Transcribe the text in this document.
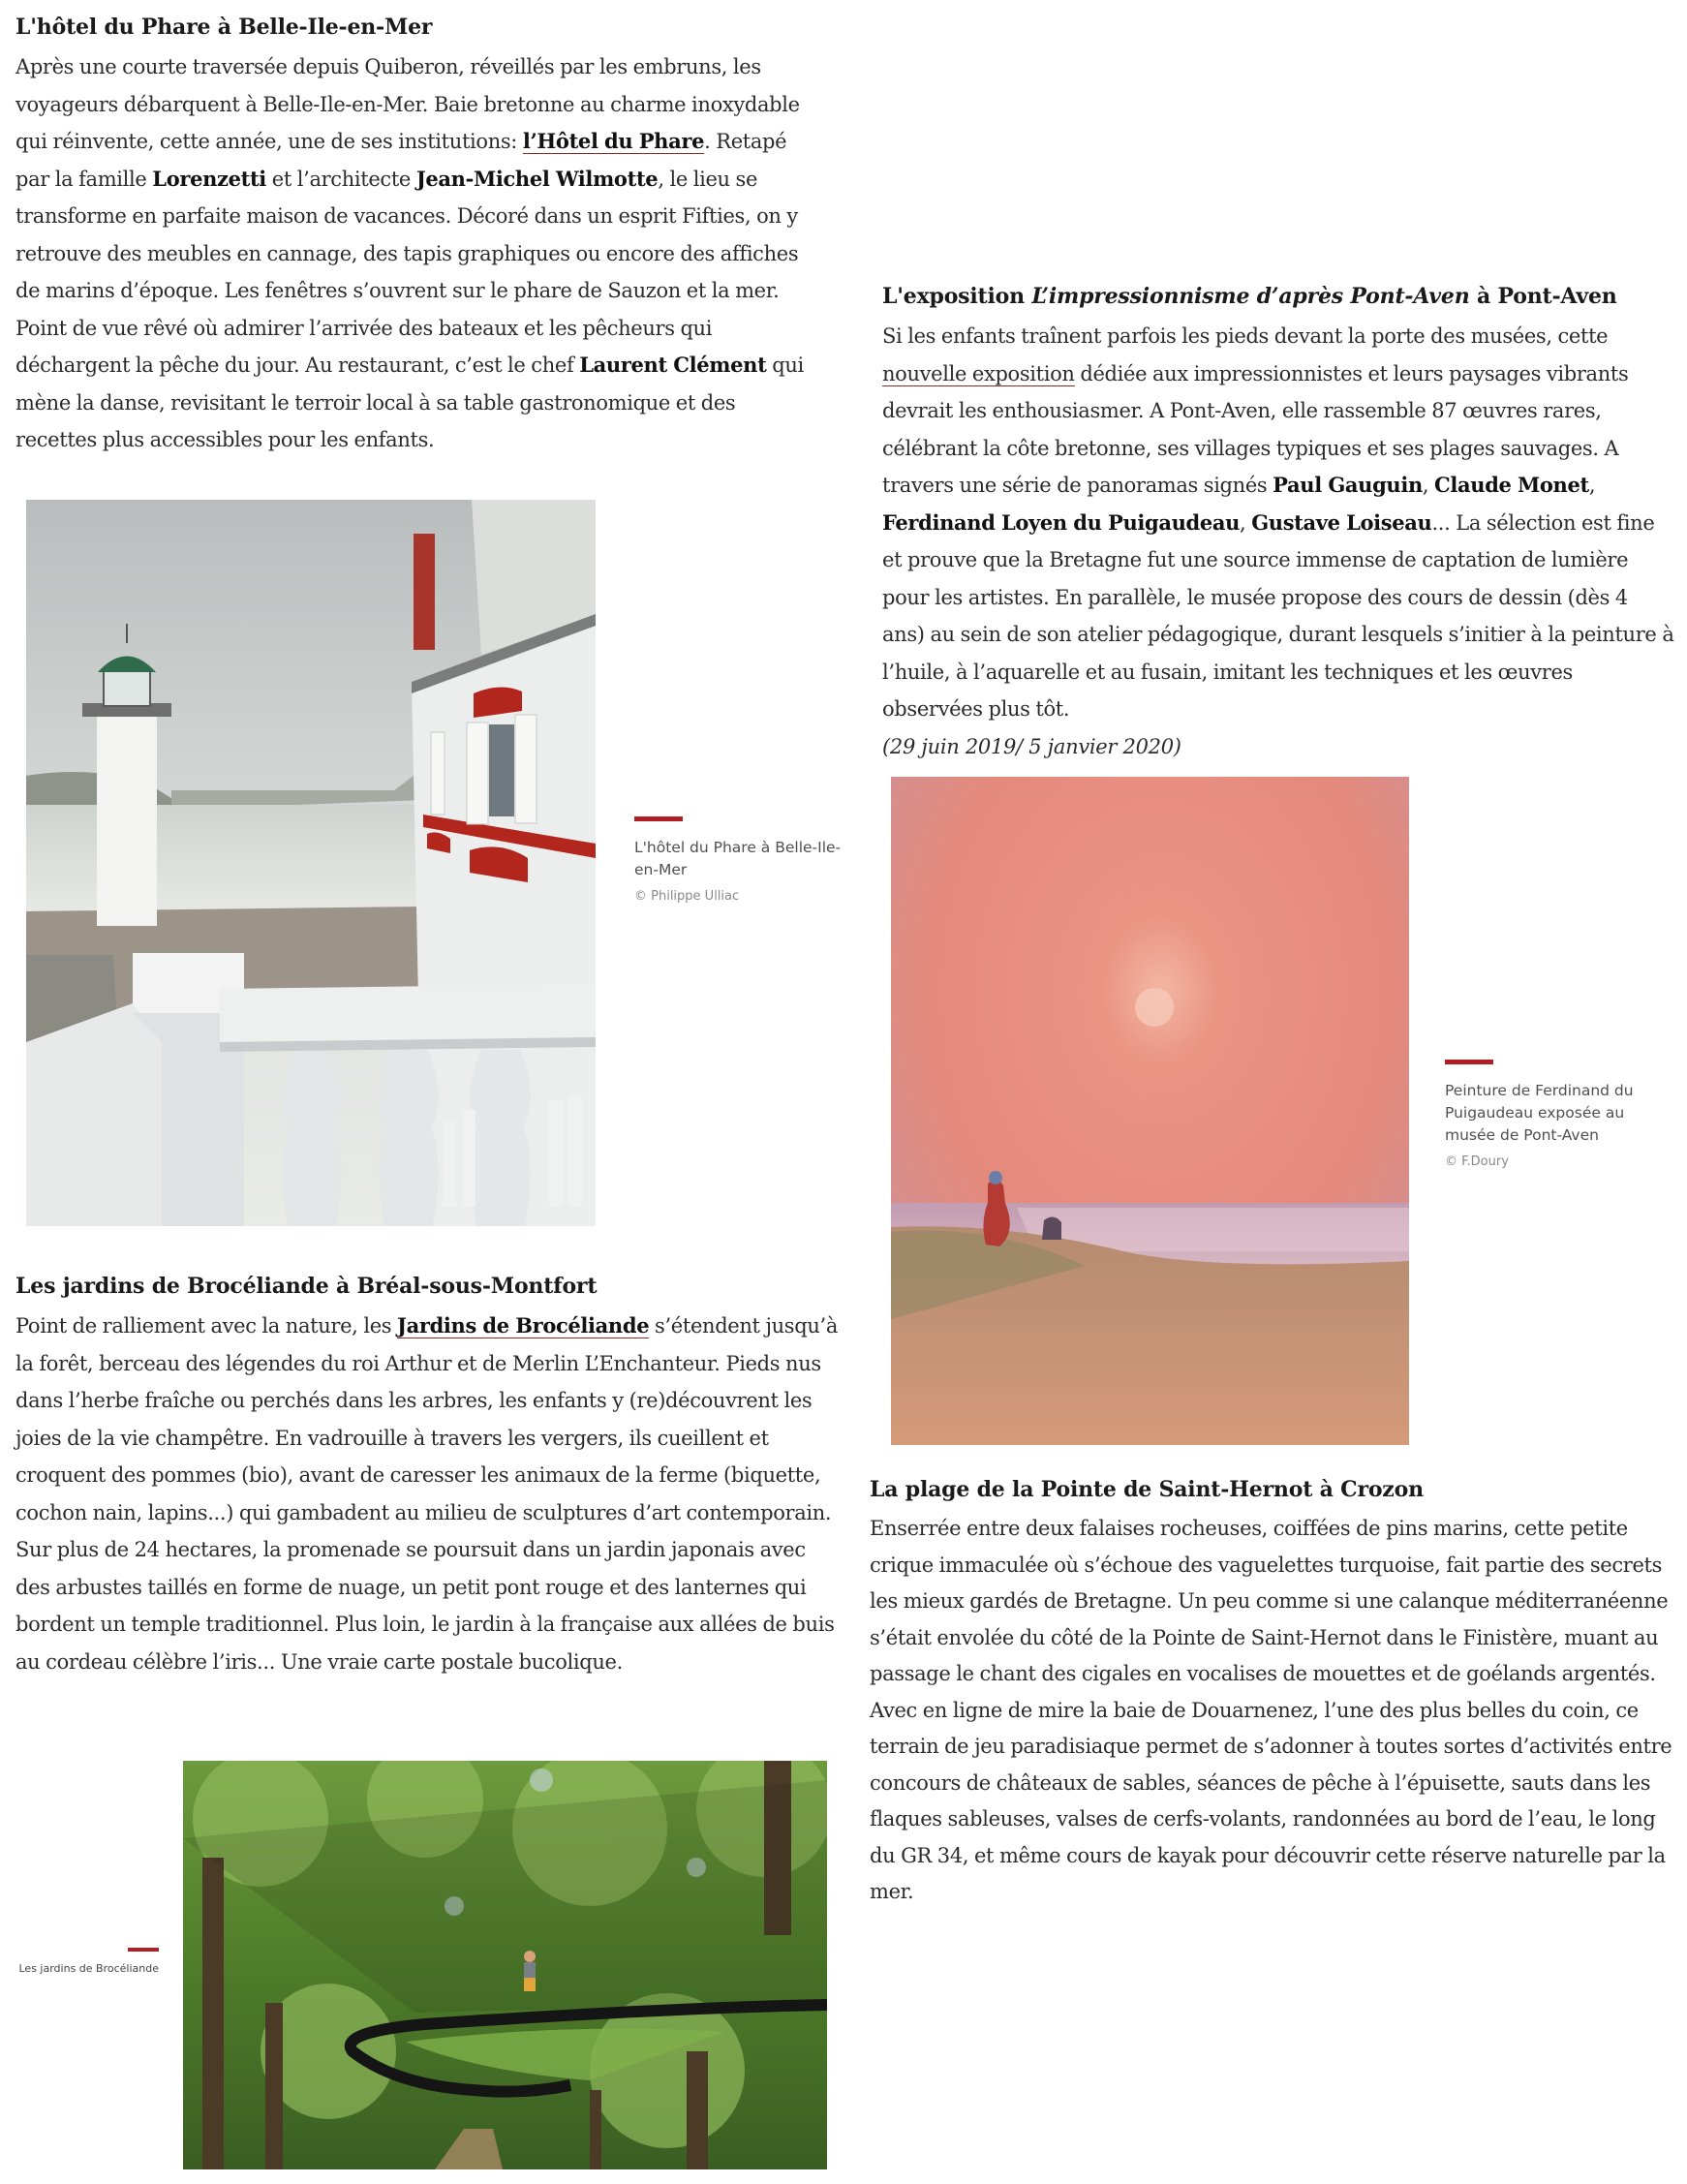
L'hôtel du Phare à Belle-Ile-en-Mer

Après une courte traversée depuis Quiberon, réveillés par les embruns, les voyageurs débarquent à Belle-Ile-en-Mer. Baie bretonne au charme inoxydable qui réinvente, cette année, une de ses institutions: l’Hôtel du Phare. Retapé par la famille Lorenzetti et l’architecte Jean-Michel Wilmotte, le lieu se transforme en parfaite maison de vacances. Décoré dans un esprit Fifties, on y retrouve des meubles en cannage, des tapis graphiques ou encore des affiches de marins d’époque. Les fenêtres s’ouvrent sur le phare de Sauzon et la mer. Point de vue rêvé où admirer l’arrivée des bateaux et les pêcheurs qui déchargent la pêche du jour. Au restaurant, c’est le chef Laurent Clément qui mène la danse, revisitant le terroir local à sa table gastronomique et des recettes plus accessibles pour les enfants.

L'hôtel du Phare à Belle-Ile-en-Mer
© Philippe Ulliac
L'exposition L’impressionnisme d’après Pont-Aven à Pont-Aven

Si les enfants traînent parfois les pieds devant la porte des musées, cette nouvelle exposition dédiée aux impressionnistes et leurs paysages vibrants devrait les enthousiasmer. A Pont-Aven, elle rassemble 87 œuvres rares, célébrant la côte bretonne, ses villages typiques et ses plages sauvages. A travers une série de panoramas signés Paul Gauguin, Claude Monet, Ferdinand Loyen du Puigaudeau, Gustave Loiseau... La sélection est fine et prouve que la Bretagne fut une source immense de captation de lumière pour les artistes. En parallèle, le musée propose des cours de dessin (dès 4 ans) au sein de son atelier pédagogique, durant lesquels s’initier à la peinture à l’huile, à l’aquarelle et au fusain, imitant les techniques et les œuvres observées plus tôt.

(29 juin 2019/ 5 janvier 2020)
Peinture de Ferdinand du Puigaudeau exposée au musée de Pont-Aven
© F.Doury
Les jardins de Brocéliande à Bréal-sous-Montfort

Point de ralliement avec la nature, les Jardins de Brocéliande s’étendent jusqu’à la forêt, berceau des légendes du roi Arthur et de Merlin L’Enchanteur. Pieds nus dans l’herbe fraîche ou perchés dans les arbres, les enfants y (re)découvrent les joies de la vie champêtre. En vadrouille à travers les vergers, ils cueillent et croquent des pommes (bio), avant de caresser les animaux de la ferme (biquette, cochon nain, lapins...) qui gambadent au milieu de sculptures d’art contemporain. Sur plus de 24 hectares, la promenade se poursuit dans un jardin japonais avec des arbustes taillés en forme de nuage, un petit pont rouge et des lanternes qui bordent un temple traditionnel. Plus loin, le jardin à la française aux allées de buis au cordeau célèbre l’iris... Une vraie carte postale bucolique.

Les jardins de Brocéliande
La plage de la Pointe de Saint-Hernot à Crozon

Enserrée entre deux falaises rocheuses, coiffées de pins marins, cette petite crique immaculée où s’échoue des vaguelettes turquoise, fait partie des secrets les mieux gardés de Bretagne. Un peu comme si une calanque méditerranéenne s’était envolée du côté de la Pointe de Saint-Hernot dans le Finistère, muant au passage le chant des cigales en vocalises de mouettes et de goélands argentés.
Avec en ligne de mire la baie de Douarnenez, l’une des plus belles du coin, ce terrain de jeu paradisiaque permet de s’adonner à toutes sortes d’activités entre concours de châteaux de sables, séances de pêche à l’épuisette, sauts dans les flaques sableuses, valses de cerfs-volants, randonnées au bord de l’eau, le long du GR 34, et même cours de kayak pour découvrir cette réserve naturelle par la mer.
